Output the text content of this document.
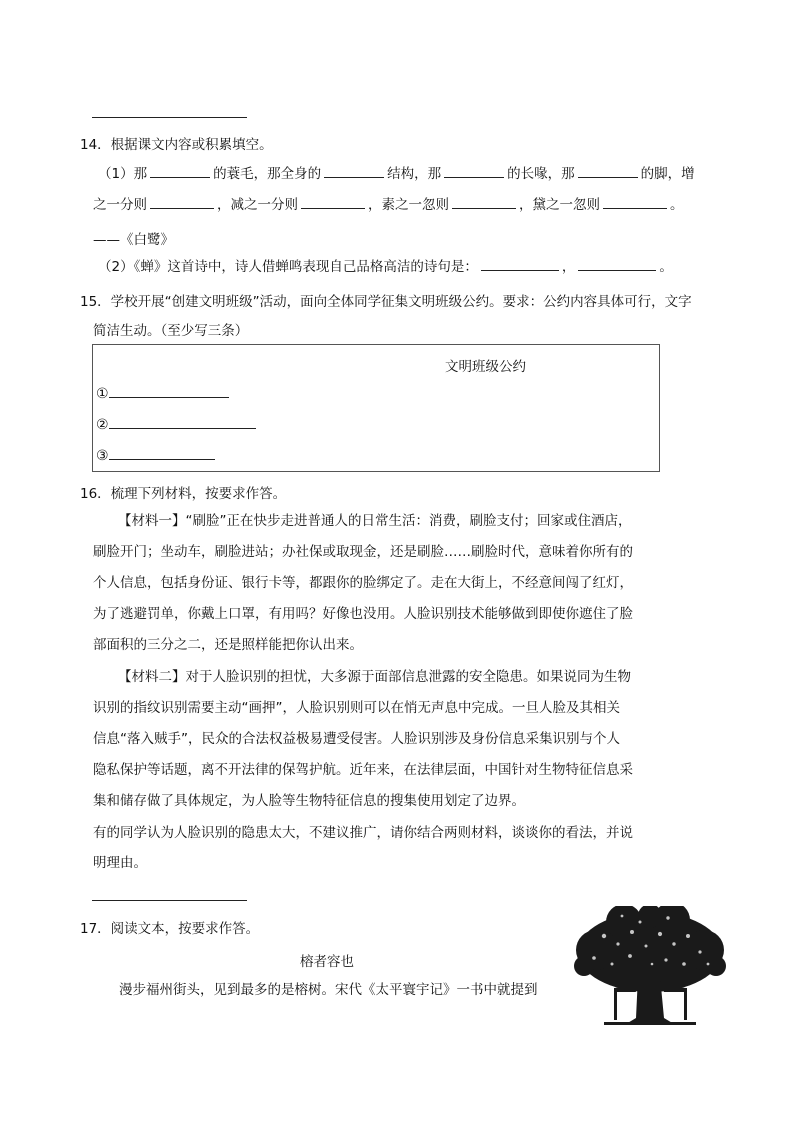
14．根据课文内容或积累填空。
（1）那	的蓑毛，那全身的	结构，那	的长喙，那	的脚，增
之一分则	，减之一分则	，素之一忽则	，黛之一忽则	。
——《白鹭》
（2）《蝉》这首诗中，诗人借蝉鸣表现自己品格高洁的诗句是：	，	。
15．学校开展“创建文明班级”活动，面向全体同学征集文明班级公约。要求：公约内容具体可行，文字
简洁生动。（至少写三条）
文明班级公约
①
②
③
16．梳理下列材料，按要求作答。
【材料一】“刷脸”正在快步走进普通人的日常生活：消费，刷脸支付；回家或住酒店，
刷脸开门；坐动车，刷脸进站；办社保或取现金，还是刷脸……刷脸时代，意味着你所有的
个人信息，包括身份证、银行卡等，都跟你的脸绑定了。走在大街上，不经意间闯了红灯，
为了逃避罚单，你戴上口罩，有用吗？好像也没用。人脸识别技术能够做到即使你遮住了脸
部面积的三分之二，还是照样能把你认出来。
【材料二】对于人脸识别的担忧，大多源于面部信息泄露的安全隐患。如果说同为生物
识别的指纹识别需要主动“画押”，人脸识别则可以在悄无声息中完成。一旦人脸及其相关
信息“落入贼手”，民众的合法权益极易遭受侵害。人脸识别涉及身份信息采集识别与个人
隐私保护等话题，离不开法律的保驾护航。近年来，在法律层面，中国针对生物特征信息采
集和储存做了具体规定，为人脸等生物特征信息的搜集使用划定了边界。
有的同学认为人脸识别的隐患太大，不建议推广，请你结合两则材料，谈谈你的看法，并说
明理由。
17．阅读文本，按要求作答。
榕者容也
漫步福州街头，见到最多的是榕树。宋代《太平寰宇记》一书中就提到
